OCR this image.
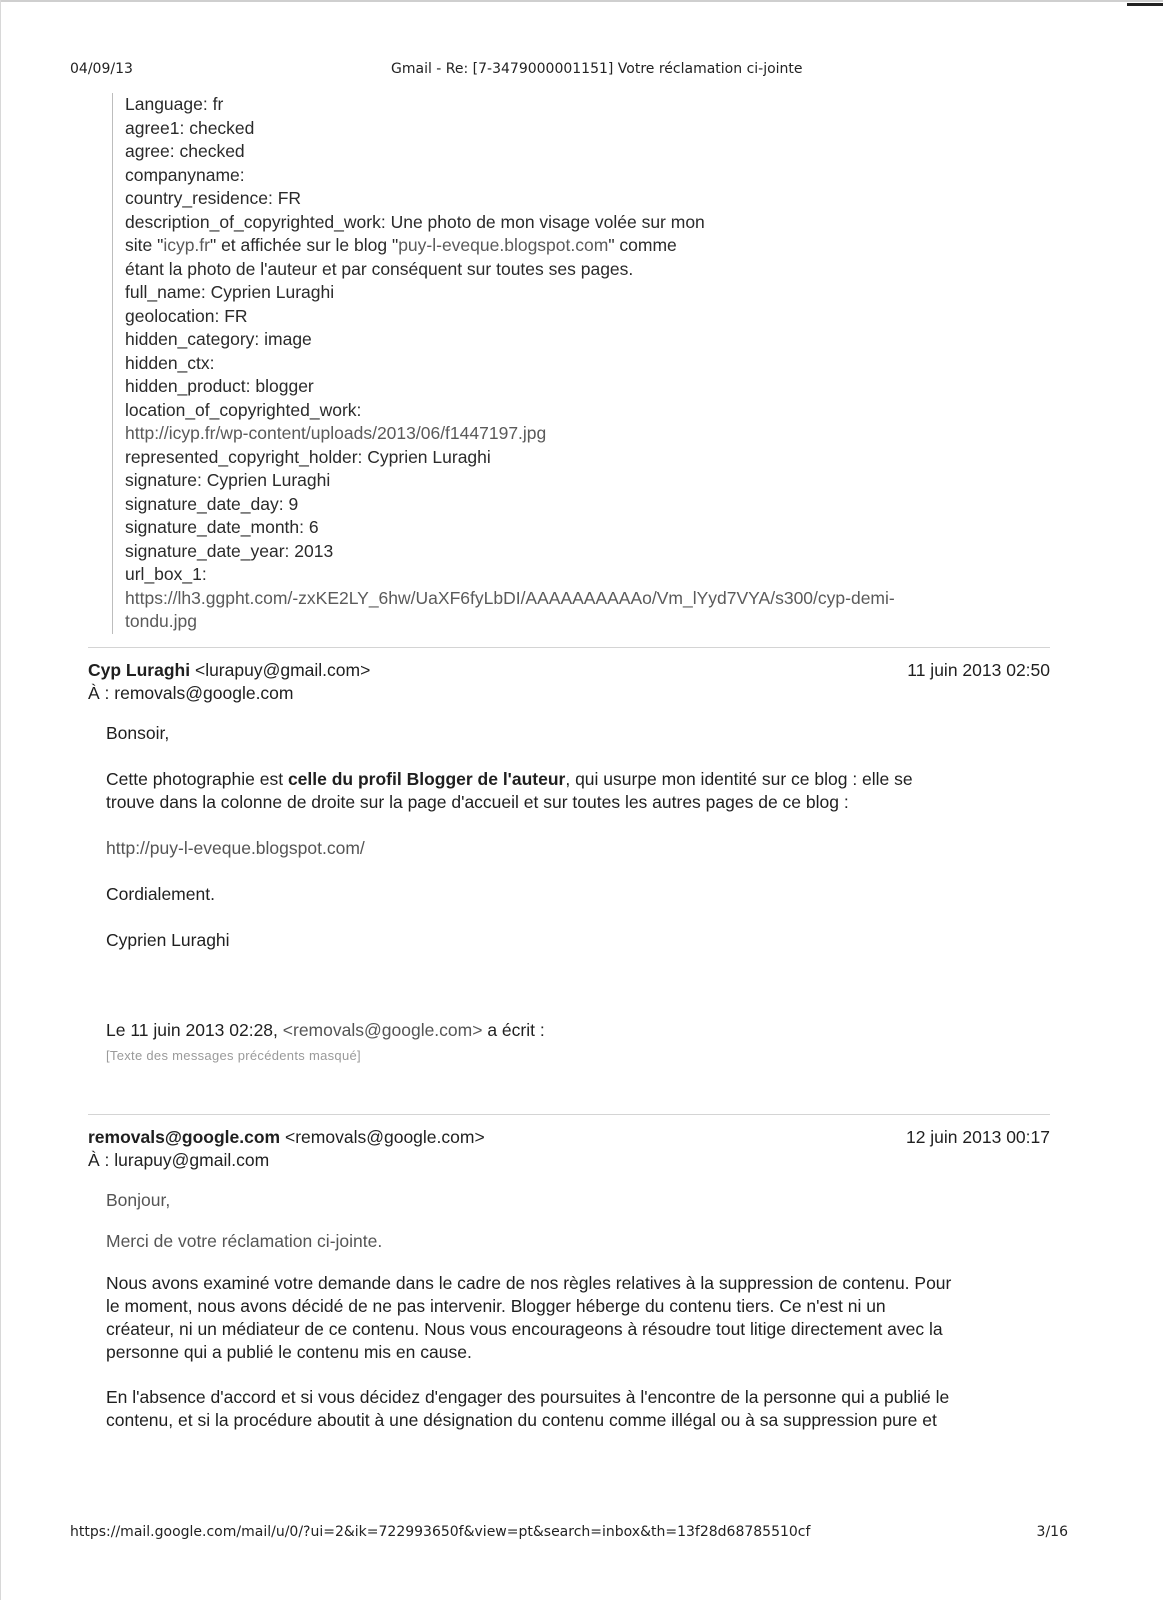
04/09/13	Gmail - Re: [7-3479000001151] Votre réclamation ci-jointe
Language: fr
agree1: checked
agree: checked
companyname:
country_residence: FR
description_of_copyrighted_work: Une photo de mon visage volée sur mon
site "icyp.fr" et affichée sur le blog "puy-l-eveque.blogspot.com" comme
étant la photo de l'auteur et par conséquent sur toutes ses pages.
full_name: Cyprien Luraghi
geolocation: FR
hidden_category: image
hidden_ctx:
hidden_product: blogger
location_of_copyrighted_work:
http://icyp.fr/wp-content/uploads/2013/06/f1447197.jpg
represented_copyright_holder: Cyprien Luraghi
signature: Cyprien Luraghi
signature_date_day: 9
signature_date_month: 6
signature_date_year: 2013
url_box_1:
https://lh3.ggpht.com/-zxKE2LY_6hw/UaXF6fyLbDI/AAAAAAAAAAo/Vm_lYyd7VYA/s300/cyp-demi-
tondu.jpg
Cyp Luraghi <lurapuy@gmail.com>	11 juin 2013 02:50
À : removals@google.com

Bonsoir,

Cette photographie est celle du profil Blogger de l'auteur, qui usurpe mon identité sur ce blog : elle se
trouve dans la colonne de droite sur la page d'accueil et sur toutes les autres pages de ce blog :

http://puy-l-eveque.blogspot.com/

Cordialement.

Cyprien Luraghi

Le 11 juin 2013 02:28, <removals@google.com> a écrit :

[Texte des messages précédents masqué]

removals@google.com <removals@google.com>	12 juin 2013 00:17
À : lurapuy@gmail.com

Bonjour,

Merci de votre réclamation ci-jointe.

Nous avons examiné votre demande dans le cadre de nos règles relatives à la suppression de contenu. Pour
le moment, nous avons décidé de ne pas intervenir. Blogger héberge du contenu tiers. Ce n'est ni un
créateur, ni un médiateur de ce contenu. Nous vous encourageons à résoudre tout litige directement avec la
personne qui a publié le contenu mis en cause.

En l'absence d'accord et si vous décidez d'engager des poursuites à l'encontre de la personne qui a publié le
contenu, et si la procédure aboutit à une désignation du contenu comme illégal ou à sa suppression pure et

https://mail.google.com/mail/u/0/?ui=2&ik=722993650f&view=pt&search=inbox&th=13f28d68785510cf	3/16
